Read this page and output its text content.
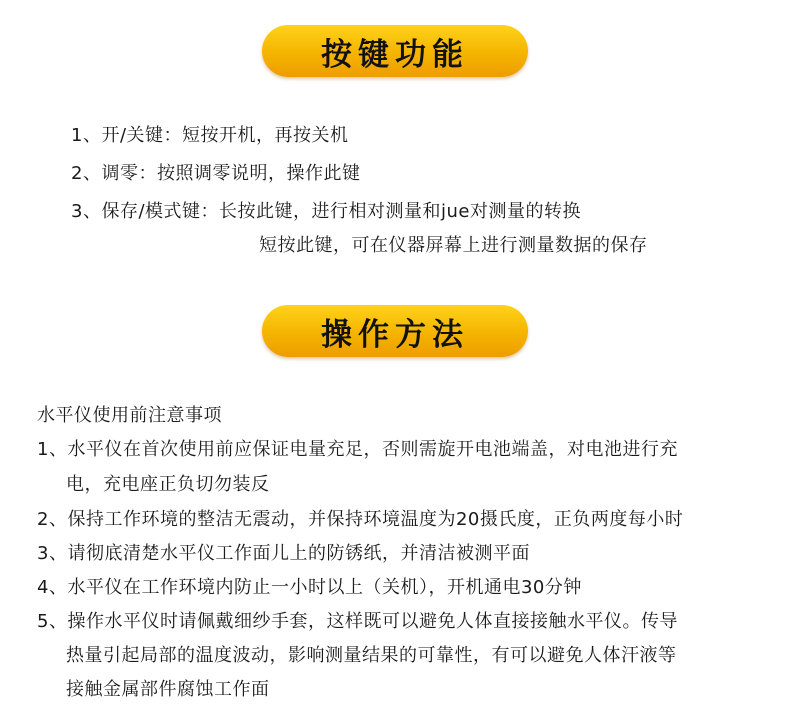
按键功能
1、开/关键：短按开机，再按关机
2、调零：按照调零说明，操作此键
3、保存/模式键：长按此键，进行相对测量和jue对测量的转换
短按此键，可在仪器屏幕上进行测量数据的保存
操作方法
水平仪使用前注意事项
1、水平仪在首次使用前应保证电量充足，否则需旋开电池端盖，对电池进行充
电，充电座正负切勿装反
2、保持工作环境的整洁无震动，并保持环境温度为20摄氏度，正负两度每小时
3、请彻底清楚水平仪工作面儿上的防锈纸，并清洁被测平面
4、水平仪在工作环境内防止一小时以上（关机），开机通电30分钟
5、操作水平仪时请佩戴细纱手套，这样既可以避免人体直接接触水平仪。传导
热量引起局部的温度波动，影响测量结果的可靠性，有可以避免人体汗液等
接触金属部件腐蚀工作面
